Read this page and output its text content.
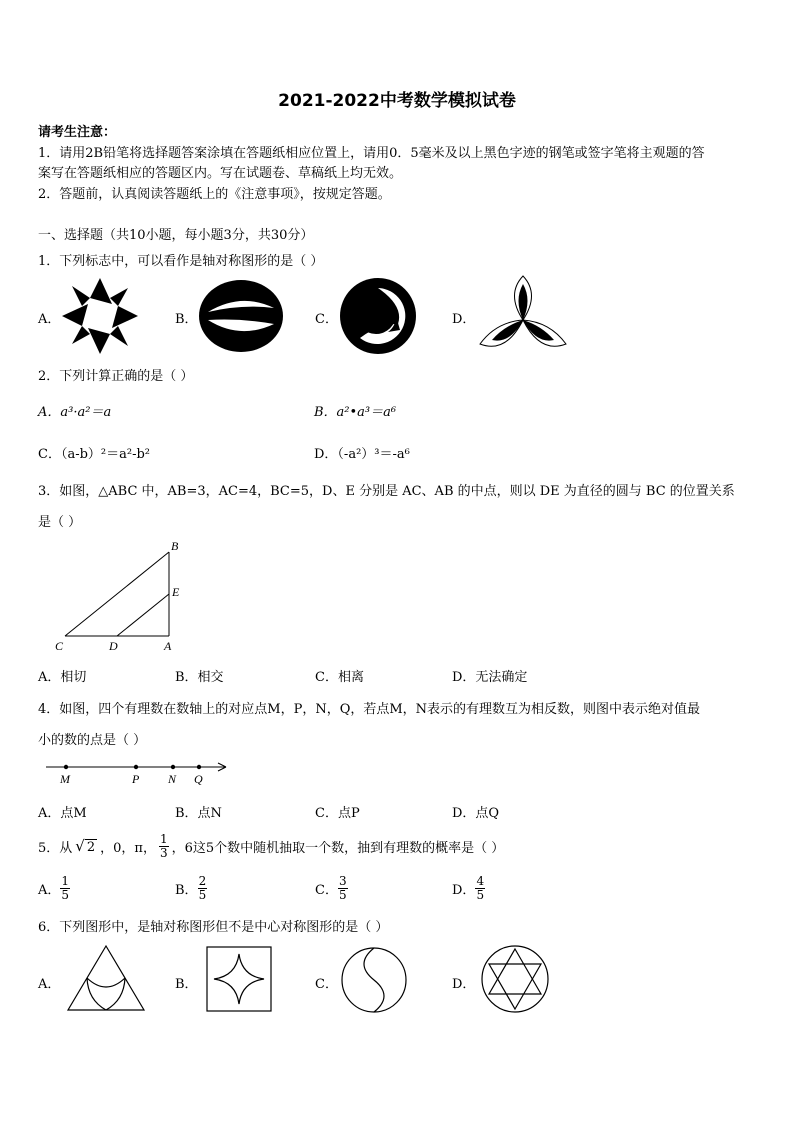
2021-2022中考数学模拟试卷
请考生注意：
1．请用2B铅笔将选择题答案涂填在答题纸相应位置上，请用0．5毫米及以上黑色字迹的钢笔或签字笔将主观题的答
案写在答题纸相应的答题区内。写在试题卷、草稿纸上均无效。
2．答题前，认真阅读答题纸上的《注意事项》，按规定答题。
一、选择题（共10小题，每小题3分，共30分）
1．下列标志中，可以看作是轴对称图形的是（ ）
A．	B．	C．	D．
2．下列计算正确的是（ ）
A．a³·a²＝a	B．a²•a³＝a⁶
C．（a-b）²＝a²-b²	D．（-a²）³＝-a⁶
3．如图，△ABC 中，AB=3，AC=4，BC=5，D、E 分别是 AC、AB 的中点，则以 DE 为直径的圆与 BC 的位置关系
是（ ）
B
E
C	D	A
A．相切	B．相交	C．相离	D．无法确定
4．如图，四个有理数在数轴上的对应点M，P，N，Q，若点M，N表示的有理数互为相反数，则图中表示绝对值最
小的数的点是（ ）
M	P N Q
A．点M	B．点N	C．点P	D．点Q
5．从 √ 2 ，0，π， $\frac{1}{3}$ ，6这5个数中随机抽取一个数，抽到有理数的概率是（ ）
A． $\frac{1}{5}$	B． $\frac{2}{5}$	C． $\frac{3}{5}$	D． $\frac{4}{5}$
6．下列图形中，是轴对称图形但不是中心对称图形的是（ ）
A．	B．	C．	D．
